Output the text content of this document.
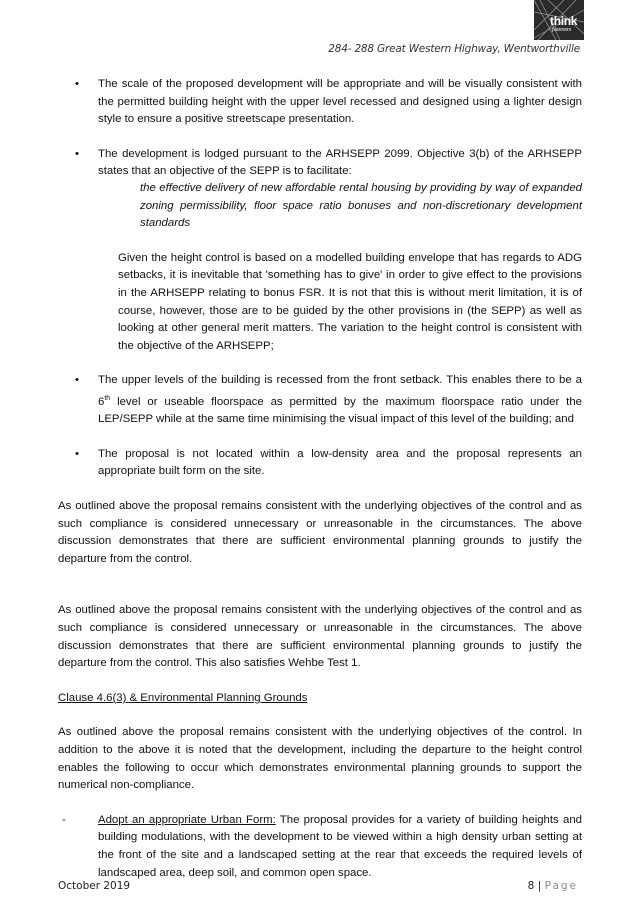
think
planners
284- 288 Great Western Highway, Wentworthville

• The scale of the proposed development will be appropriate and will be visually consistent with the permitted building height with the upper level recessed and designed using a lighter design style to ensure a positive streetscape presentation.

• The development is lodged pursuant to the ARHSEPP 2099. Objective 3(b) of the ARHSEPP states that an objective of the SEPP is to facilitate:

the effective delivery of new affordable rental housing by providing by way of expanded zoning permissibility, floor space ratio bonuses and non-discretionary development standards

Given the height control is based on a modelled building envelope that has regards to ADG setbacks, it is inevitable that 'something has to give' in order to give effect to the provisions in the ARHSEPP relating to bonus FSR. It is not that this is without merit limitation, it is of course, however, those are to be guided by the other provisions in (the SEPP) as well as looking at other general merit matters. The variation to the height control is consistent with the objective of the ARHSEPP;

• The upper levels of the building is recessed from the front setback. This enables there to be a 6th level or useable floorspace as permitted by the maximum floorspace ratio under the LEP/SEPP while at the same time minimising the visual impact of this level of the building; and

• The proposal is not located within a low-density area and the proposal represents an appropriate built form on the site.

As outlined above the proposal remains consistent with the underlying objectives of the control and as such compliance is considered unnecessary or unreasonable in the circumstances. The above discussion demonstrates that there are sufficient environmental planning grounds to justify the departure from the control.

As outlined above the proposal remains consistent with the underlying objectives of the control and as such compliance is considered unnecessary or unreasonable in the circumstances. The above discussion demonstrates that there are sufficient environmental planning grounds to justify the departure from the control. This also satisfies Wehbe Test 1.

Clause 4.6(3) & Environmental Planning Grounds

As outlined above the proposal remains consistent with the underlying objectives of the control. In addition to the above it is noted that the development, including the departure to the height control enables the following to occur which demonstrates environmental planning grounds to support the numerical non-compliance.

-	Adopt an appropriate Urban Form: The proposal provides for a variety of building heights and building modulations, with the development to be viewed within a high density urban setting at the front of the site and a landscaped setting at the rear that exceeds the required levels of landscaped area, deep soil, and common open space.

October 2019	8 | Page
